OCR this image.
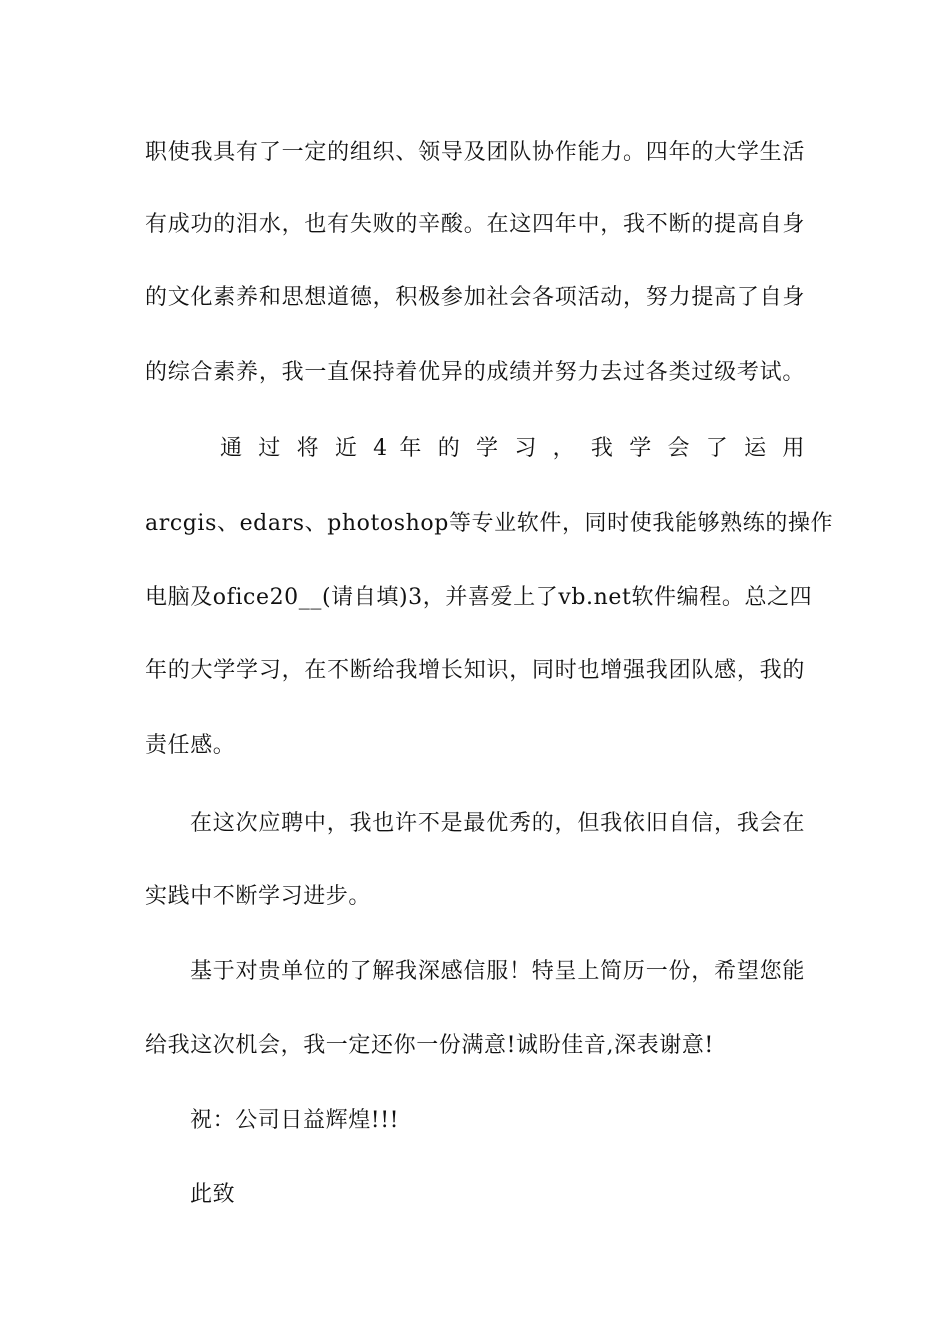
职使我具有了一定的组织、领导及团队协作能力。四年的大学生活
有成功的泪水，也有失败的辛酸。在这四年中，我不断的提高自身
的文化素养和思想道德，积极参加社会各项活动，努力提高了自身
的综合素养，我一直保持着优异的成绩并努力去过各类过级考试。
通 过 将 近 4 年 的 学 习 ， 我 学 会 了 运 用
arcgis、edars、photoshop等专业软件，同时使我能够熟练的操作
电脑及ofice20__(请自填)3，并喜爱上了vb.net软件编程。总之四
年的大学学习，在不断给我增长知识，同时也增强我团队感，我的
责任感。
在这次应聘中，我也许不是最优秀的，但我依旧自信，我会在
实践中不断学习进步。
基于对贵单位的了解我深感信服！特呈上简历一份，希望您能
给我这次机会，我一定还你一份满意!诚盼佳音,深表谢意!
祝：公司日益辉煌!!!
此致
